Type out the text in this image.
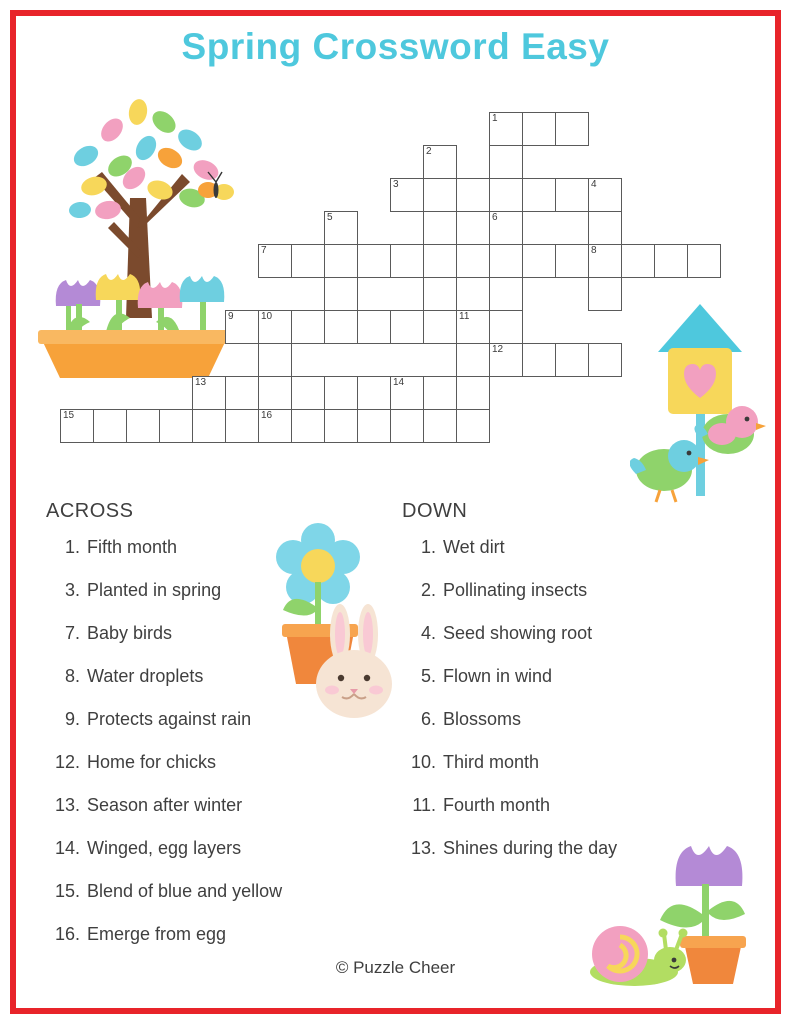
Spring Crossword Easy
1
2
3	4
5	6
7	8
9	10	11
12
13	14
15	16
ACROSS
1. Fifth month
3. Planted in spring
7. Baby birds
8. Water droplets
9. Protects against rain
12. Home for chicks
13. Season after winter
14. Winged, egg layers
15. Blend of blue and yellow
16. Emerge from egg
DOWN
1. Wet dirt
2. Pollinating insects
4. Seed showing root
5. Flown in wind
6. Blossoms
10. Third month
11. Fourth month
13. Shines during the day
© Puzzle Cheer
